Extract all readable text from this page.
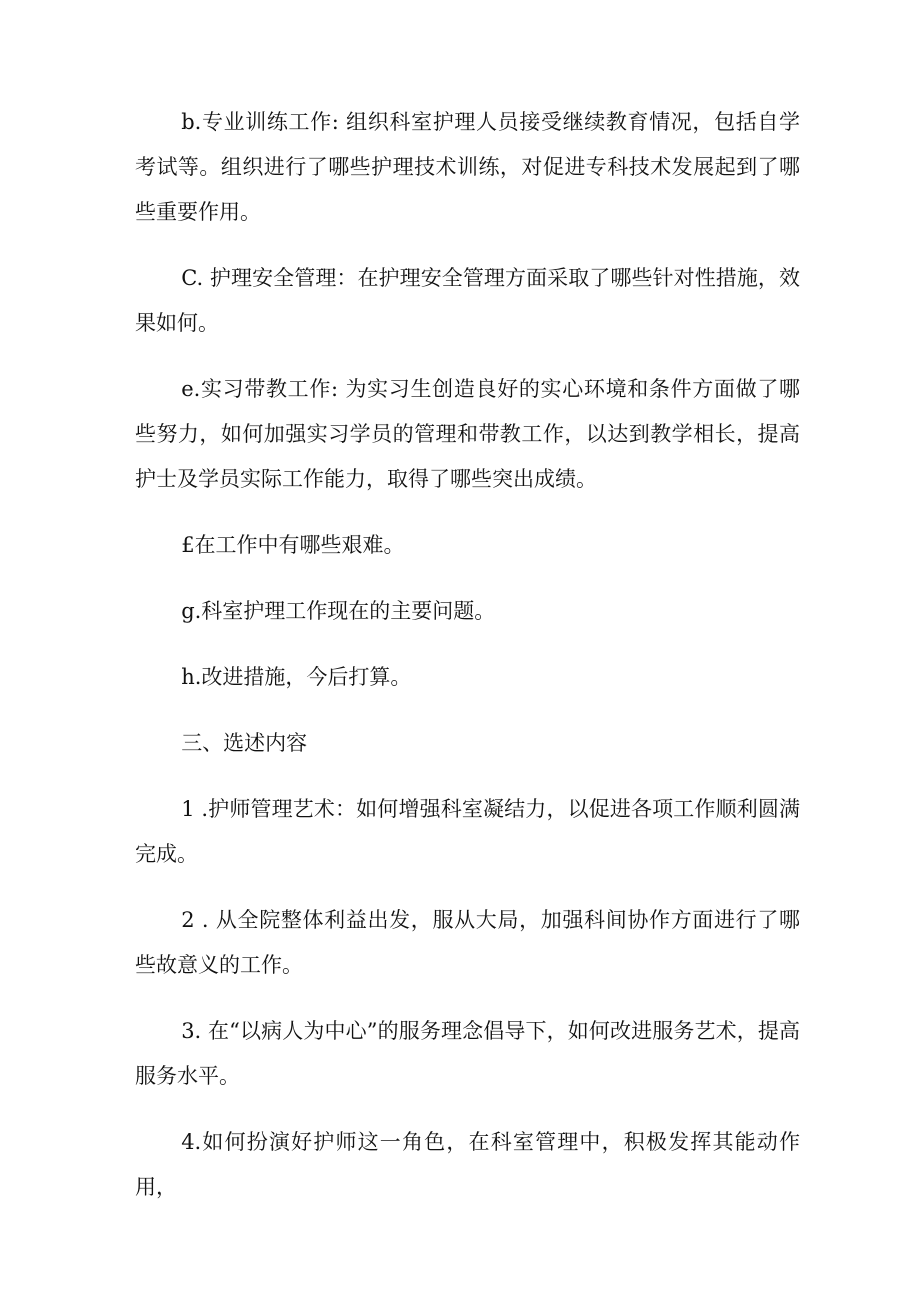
b.专业训练工作: 组织科室护理人员接受继续教育情况，包括自学考试等。组织进行了哪些护理技术训练，对促进专科技术发展起到了哪些重要作用。

C. 护理安全管理：在护理安全管理方面采取了哪些针对性措施，效果如何。

e.实习带教工作: 为实习生创造良好的实心环境和条件方面做了哪些努力，如何加强实习学员的管理和带教工作，以达到教学相长，提高护士及学员实际工作能力，取得了哪些突出成绩。

£在工作中有哪些艰难。

g.科室护理工作现在的主要问题。

h.改进措施，今后打算。

三、选述内容

1 .护师管理艺术：如何增强科室凝结力，以促进各项工作顺利圆满完成。

2 . 从全院整体利益出发，服从大局，加强科间协作方面进行了哪些故意义的工作。

3. 在“以病人为中心”的服务理念倡导下，如何改进服务艺术，提高服务水平。

4.如何扮演好护师这一角色，在科室管理中，积极发挥其能动作用，
